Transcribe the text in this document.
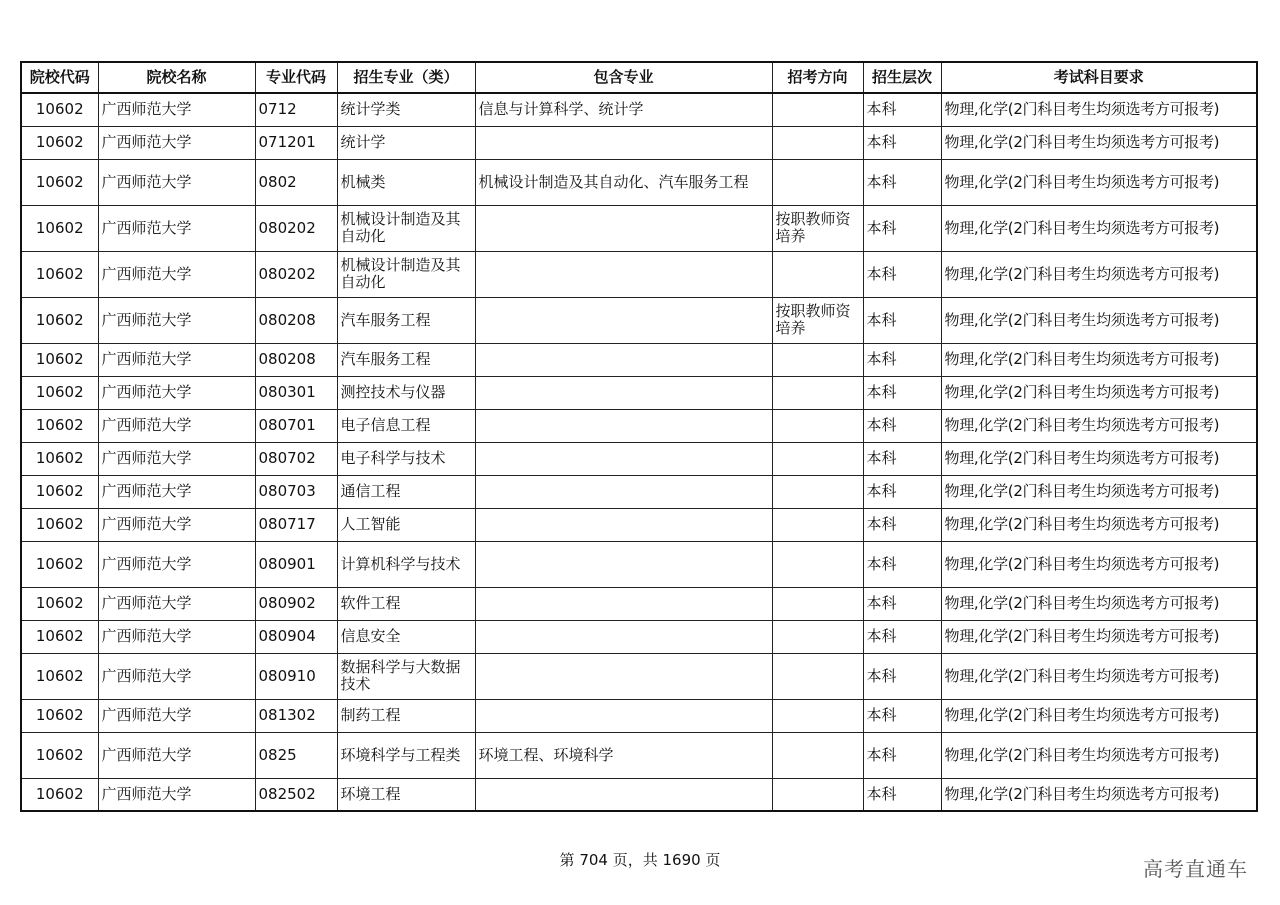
院校代码	院校名称	专业代码	招生专业（类）	包含专业	招考方向	招生层次	考试科目要求
10602	广西师范大学	0712	统计学类	信息与计算科学、统计学		本科	物理,化学(2门科目考生均须选考方可报考)
10602	广西师范大学	071201	统计学			本科	物理,化学(2门科目考生均须选考方可报考)
10602	广西师范大学	0802	机械类	机械设计制造及其自动化、汽车服务工程		本科	物理,化学(2门科目考生均须选考方可报考)
10602	广西师范大学	080202	机械设计制造及其自动化		按职教师资培养	本科	物理,化学(2门科目考生均须选考方可报考)
10602	广西师范大学	080202	机械设计制造及其自动化			本科	物理,化学(2门科目考生均须选考方可报考)
10602	广西师范大学	080208	汽车服务工程		按职教师资培养	本科	物理,化学(2门科目考生均须选考方可报考)
10602	广西师范大学	080208	汽车服务工程			本科	物理,化学(2门科目考生均须选考方可报考)
10602	广西师范大学	080301	测控技术与仪器			本科	物理,化学(2门科目考生均须选考方可报考)
10602	广西师范大学	080701	电子信息工程			本科	物理,化学(2门科目考生均须选考方可报考)
10602	广西师范大学	080702	电子科学与技术			本科	物理,化学(2门科目考生均须选考方可报考)
10602	广西师范大学	080703	通信工程			本科	物理,化学(2门科目考生均须选考方可报考)
10602	广西师范大学	080717	人工智能			本科	物理,化学(2门科目考生均须选考方可报考)
10602	广西师范大学	080901	计算机科学与技术			本科	物理,化学(2门科目考生均须选考方可报考)
10602	广西师范大学	080902	软件工程			本科	物理,化学(2门科目考生均须选考方可报考)
10602	广西师范大学	080904	信息安全			本科	物理,化学(2门科目考生均须选考方可报考)
10602	广西师范大学	080910	数据科学与大数据技术			本科	物理,化学(2门科目考生均须选考方可报考)
10602	广西师范大学	081302	制药工程			本科	物理,化学(2门科目考生均须选考方可报考)
10602	广西师范大学	0825	环境科学与工程类	环境工程、环境科学		本科	物理,化学(2门科目考生均须选考方可报考)
10602	广西师范大学	082502	环境工程			本科	物理,化学(2门科目考生均须选考方可报考)
第 704 页，共 1690 页	高考直通车
